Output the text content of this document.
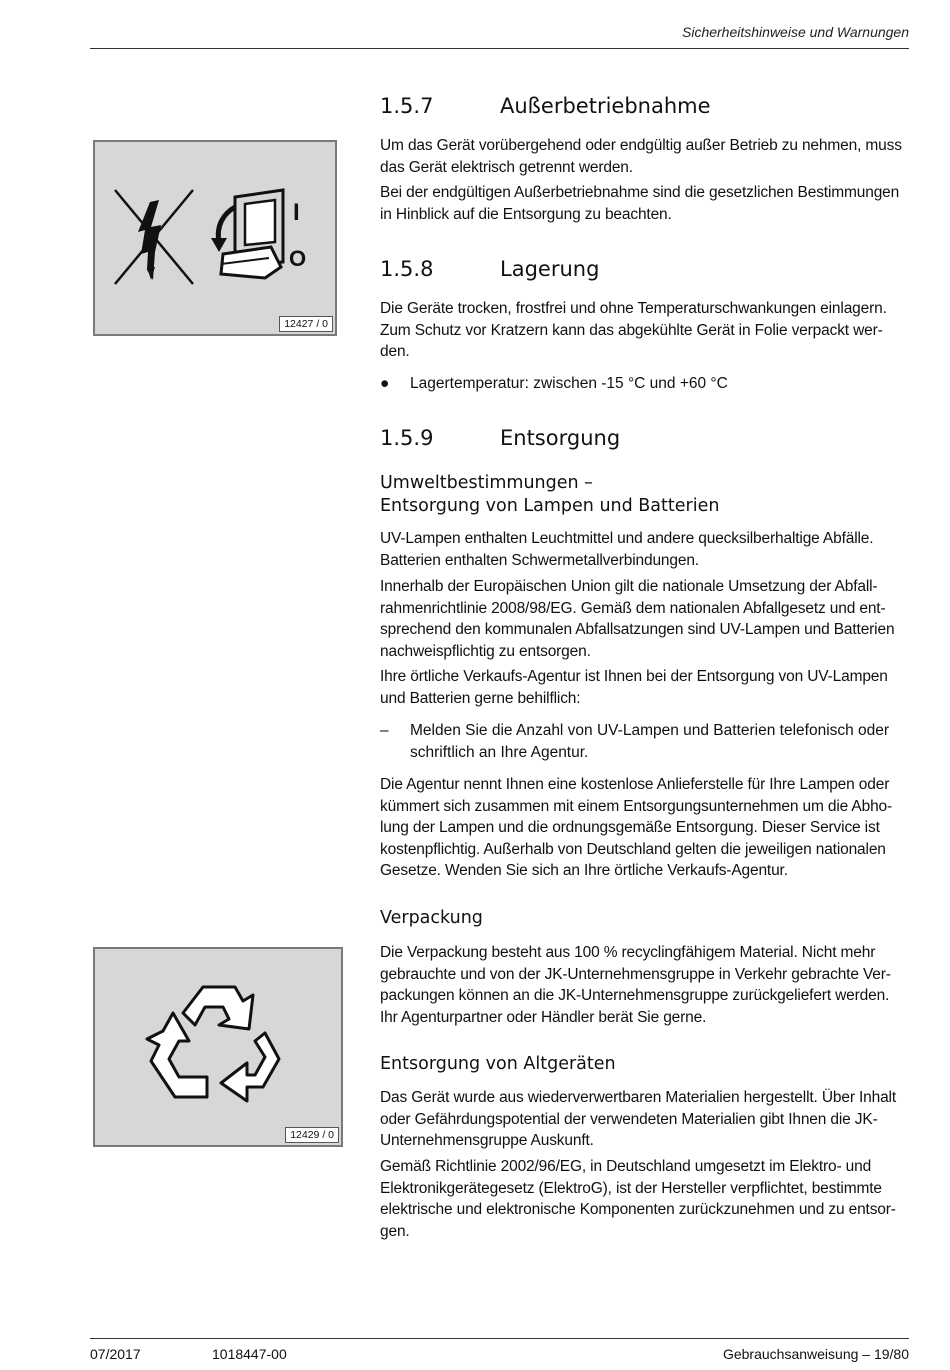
Sicherheitshinweise und Warnungen
I
O
12427 / 0
12429 / 0
1.5.7	Außerbetriebnahme

Um das Gerät vorübergehend oder endgültig außer Betrieb zu nehmen, muss das Gerät elektrisch getrennt werden.

Bei der endgültigen Außerbetriebnahme sind die gesetzlichen Bestimmungen in Hinblick auf die Entsorgung zu beachten.

1.5.8	Lagerung

Die Geräte trocken, frostfrei und ohne Temperaturschwankungen einlagern. Zum Schutz vor Kratzern kann das abgekühlte Gerät in Folie verpackt wer-den.

● Lagertemperatur: zwischen -15 °C und +60 °C
1.5.9	Entsorgung
Umweltbestimmungen –
Entsorgung von Lampen und Batterien

UV-Lampen enthalten Leuchtmittel und andere quecksilberhaltige Abfälle. Batterien enthalten Schwermetallverbindungen.

Innerhalb der Europäischen Union gilt die nationale Umsetzung der Abfall-rahmenrichtlinie 2008/98/EG. Gemäß dem nationalen Abfallgesetz und ent-sprechend den kommunalen Abfallsatzungen sind UV-Lampen und Batterien nachweispflichtig zu entsorgen.

Ihre örtliche Verkaufs-Agentur ist Ihnen bei der Entsorgung von UV-Lampen und Batterien gerne behilflich:

– Melden Sie die Anzahl von UV-Lampen und Batterien telefonisch oder schriftlich an Ihre Agentur.

Die Agentur nennt Ihnen eine kostenlose Anlieferstelle für Ihre Lampen oder kümmert sich zusammen mit einem Entsorgungsunternehmen um die Abho-lung der Lampen und die ordnungsgemäße Entsorgung. Dieser Service ist kostenpflichtig. Außerhalb von Deutschland gelten die jeweiligen nationalen Gesetze. Wenden Sie sich an Ihre örtliche Verkaufs-Agentur.

Verpackung

Die Verpackung besteht aus 100 % recyclingfähigem Material. Nicht mehr gebrauchte und von der JK-Unternehmensgruppe in Verkehr gebrachte Ver-packungen können an die JK-Unternehmensgruppe zurückgeliefert werden. Ihr Agenturpartner oder Händler berät Sie gerne.

Entsorgung von Altgeräten

Das Gerät wurde aus wiederverwertbaren Materialien hergestellt. Über Inhalt oder Gefährdungspotential der verwendeten Materialien gibt Ihnen die JK-Unternehmensgruppe Auskunft.

Gemäß Richtlinie 2002/96/EG, in Deutschland umgesetzt im Elektro- und Elektronikgerätegesetz (ElektroG), ist der Hersteller verpflichtet, bestimmte elektrische und elektronische Komponenten zurückzunehmen und zu entsor-gen.

07/2017	1018447-00	Gebrauchsanweisung – 19/80
